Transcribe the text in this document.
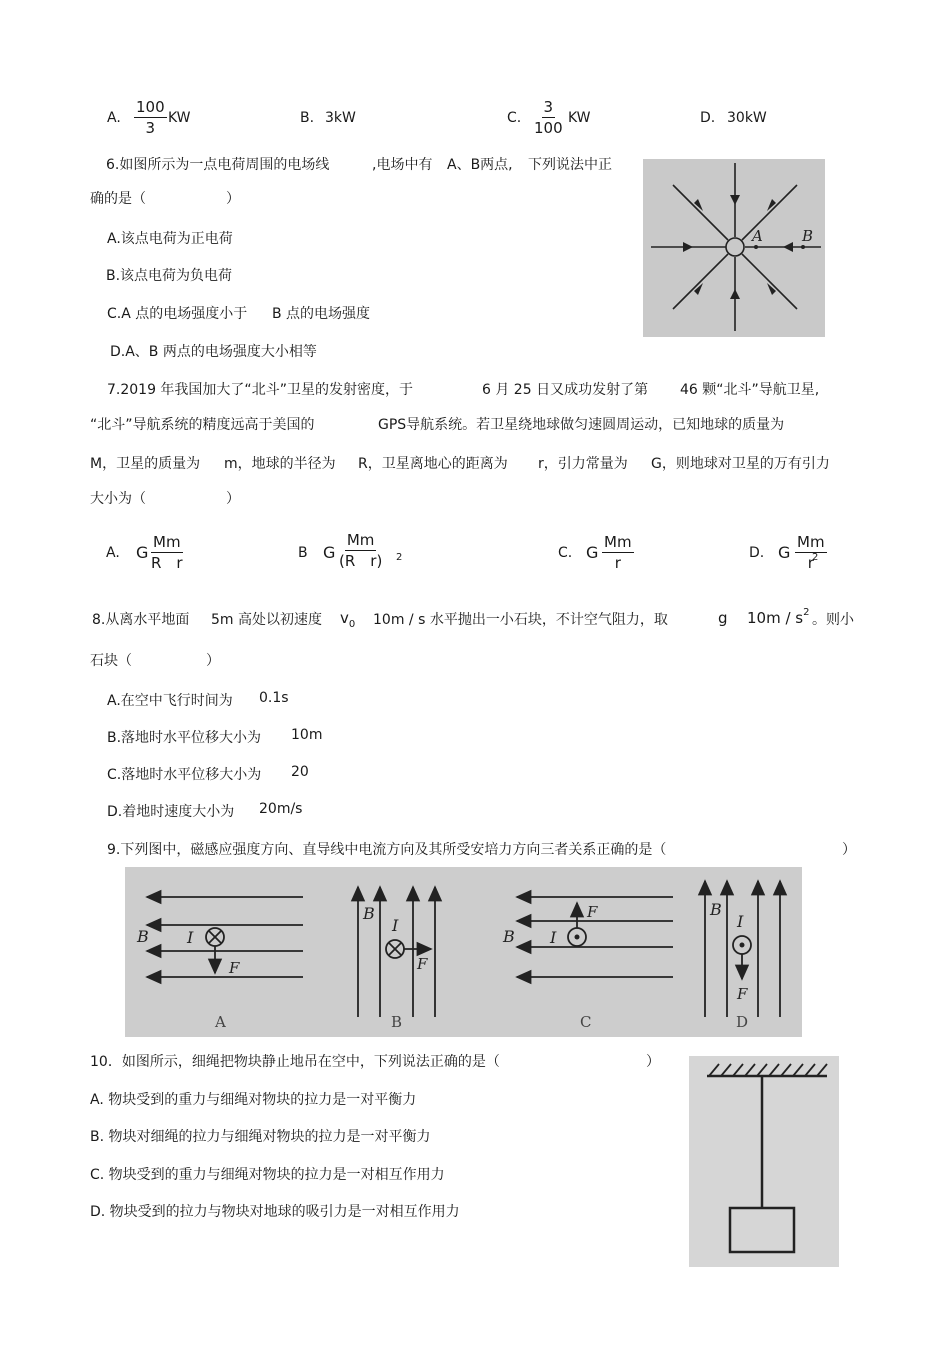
A. $\frac{100}{3}$ KW	B. 3kW	C. $\frac{3}{100}$ KW	D. 30kW
6.如图所示为一点电荷周围的电场线	,电场中有 A、B两点, 下列说法中正
确的是（	）
A.该点电荷为正电荷
B.该点电荷为负电荷
C.A 点的电场强度小于 B 点的电场强度
D.A、B 两点的电场强度大小相等
A	B
7.2019 年我国加大了“北斗”卫星的发射密度，于	6 月 25 日又成功发射了第 46 颗“北斗”导航卫星,
“北斗”导航系统的精度远高于美国的	GPS导航系统。若卫星绕地球做匀速圆周运动，已知地球的质量为
M，卫星的质量为 m，地球的半径为 R，卫星离地心的距离为 r，引力常量为 G，则地球对卫星的万有引力
大小为（	）
A. G $\frac{Mm}{\text{R　r}}$	B G $\frac{Mm}{\text{(R　r)}} 2$	C. G $\frac{Mm}{r}$	D. G $\frac{Mm}{r}$
2
8.从离水平地面 5m 高处以初速度 $v_0$ 10m / s 水平抛出一小石块，不计空气阻力，取	g $10m / s^2$ 。则小
石块（	）
A.在空中飞行时间为 0.1s
B.落地时水平位移大小为 10m
C.落地时水平位移大小为 20
D.着地时速度大小为 20m/s
9.下列图中，磁感应强度方向、直导线中电流方向及其所受安培力方向三者关系正确的是（	）
B I
F
A
B
I
F
B
B I
F
C
B
I
F
D
10．如图所示，细绳把物块静止地吊在空中，下列说法正确的是（	）
A. 物块受到的重力与细绳对物块的拉力是一对平衡力
B. 物块对细绳的拉力与细绳对物块的拉力是一对平衡力
C. 物块受到的重力与细绳对物块的拉力是一对相互作用力
D. 物块受到的拉力与物块对地球的吸引力是一对相互作用力
